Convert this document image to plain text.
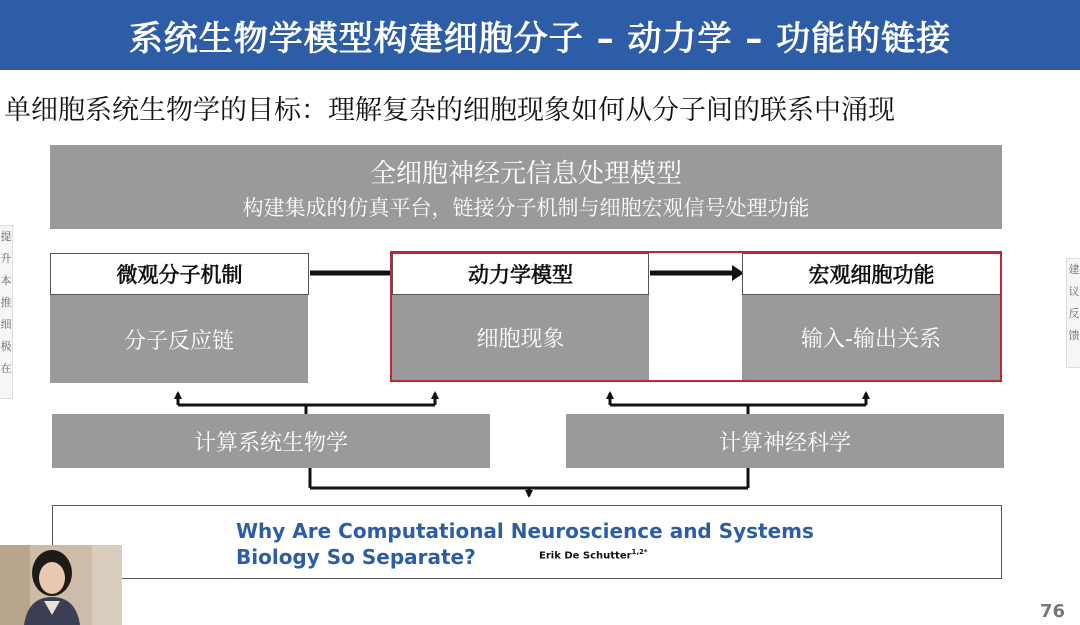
系统生物学模型构建细胞分子 – 动力学 – 功能的链接
单细胞系统生物学的目标：理解复杂的细胞现象如何从分子间的联系中涌现
提
升
本
推
细
极
在
建
议
反
馈
全细胞神经元信息处理模型
构建集成的仿真平台，链接分子机制与细胞宏观信号处理功能
微观分子机制
分子反应链
动力学模型
细胞现象
宏观细胞功能
输入-输出关系
计算系统生物学	计算神经科学
Why Are Computational Neuroscience and Systems
Biology So Separate?	Erik De Schutter$^{1,2*}$
76
